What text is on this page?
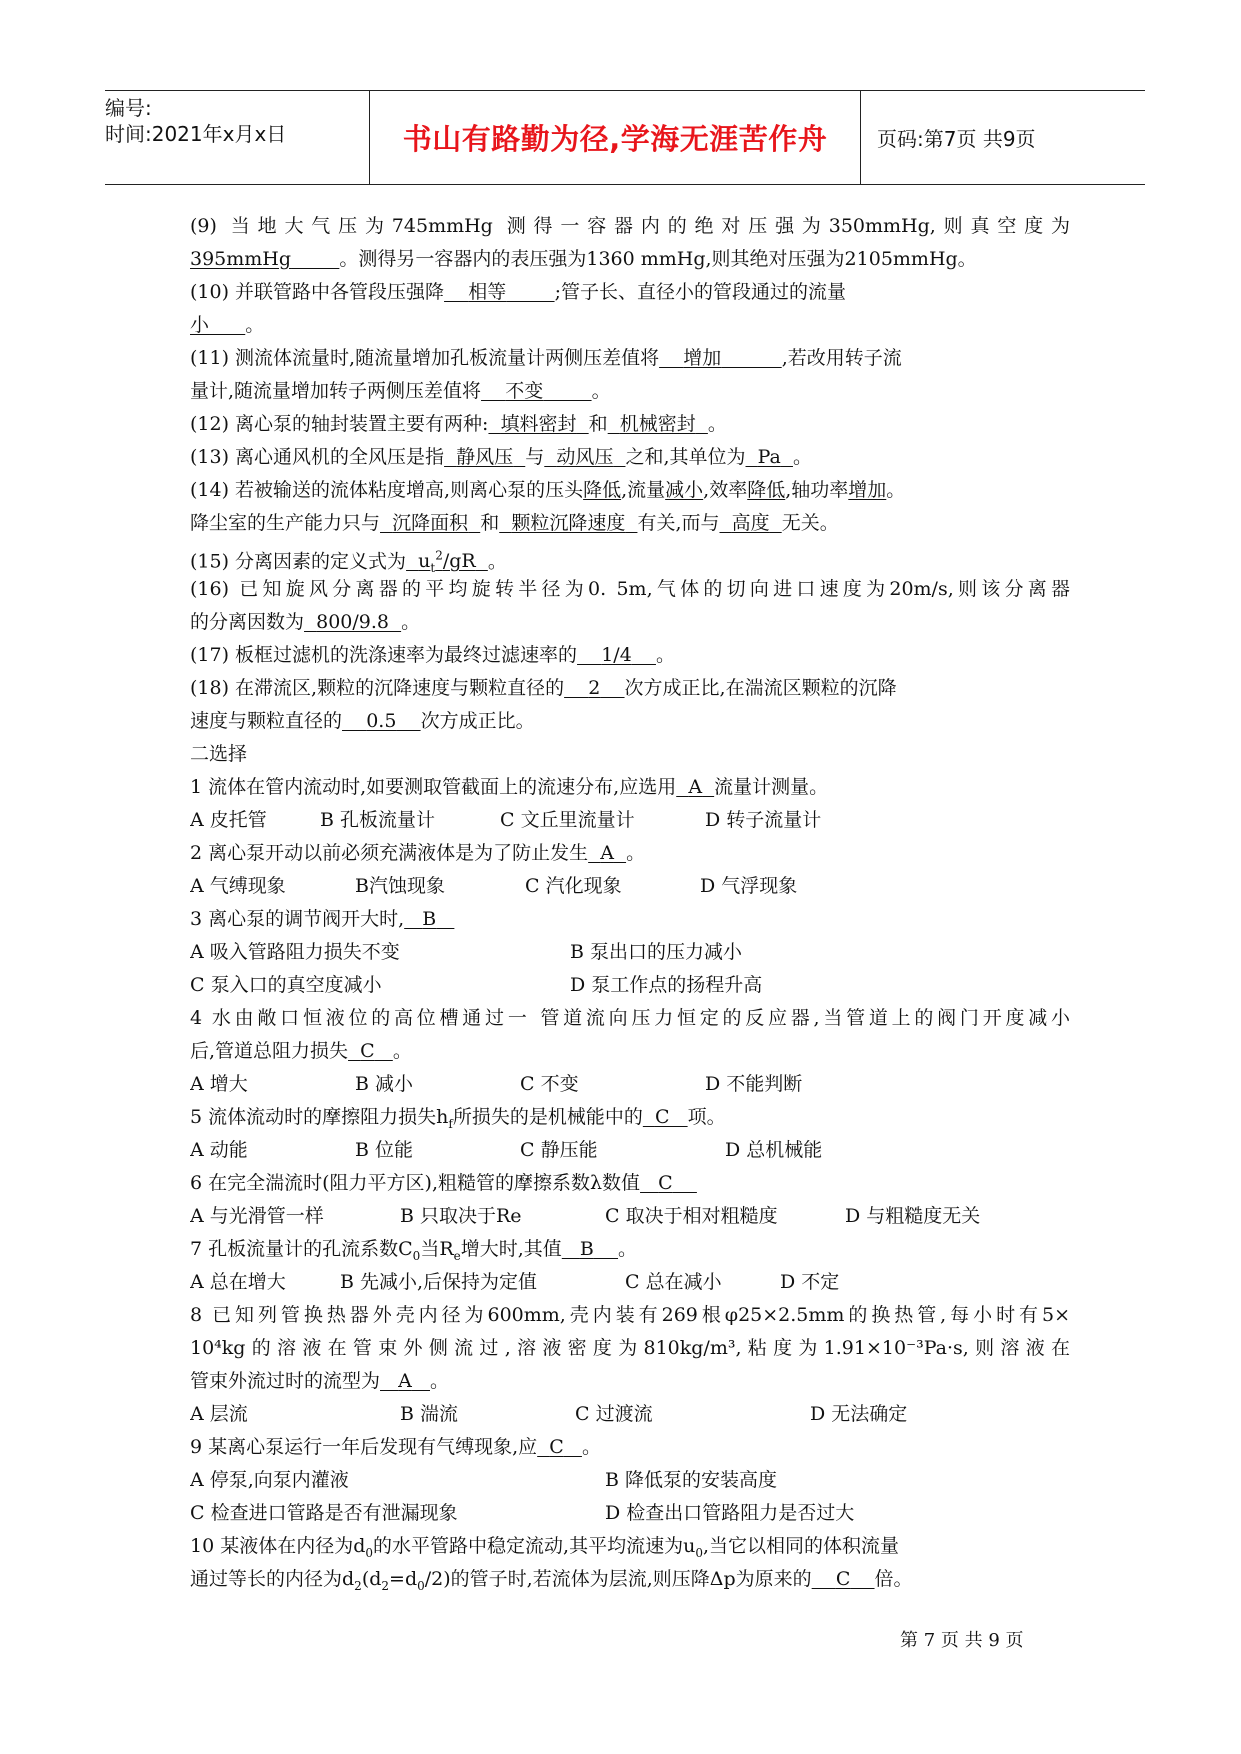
编号:
时间:2021年x月x日	书山有路勤为径,学海无涯苦作舟	页码:第7页 共9页
(9) 当地大气压为745mmHg 测得一容器内的绝对压强为350mmHg,则真空度为
395mmHg	。测得另一容器内的表压强为1360 mmHg,则其绝对压强为2105mmHg。
(10) 并联管路中各管段压强降 相等	;管子长、直径小的管段通过的流量
小 。
(11) 测流体流量时,随流量增加孔板流量计两侧压差值将 增加	,若改用转子流
量计,随流量增加转子两侧压差值将 不变	。
(12) 离心泵的轴封装置主要有两种: 填料密封 和 机械密封 。
(13) 离心通风机的全风压是指 静风压 与 动风压 之和,其单位为 Pa 。
(14) 若被输送的流体粘度增高,则离心泵的压头降低,流量减小,效率降低,轴功率增加。
降尘室的生产能力只与 沉降面积 和 颗粒沉降速度 有关,而与 高度 无关。
(15) 分离因素的定义式为 $u_t^2/gR$ 。
(16) 已知旋风分离器的平均旋转半径为0. 5m,气体的切向进口速度为20m/s,则该分离器
的分离因数为 800/9.8 。
(17) 板框过滤机的洗涤速率为最终过滤速率的 1/4 。
(18) 在滞流区,颗粒的沉降速度与颗粒直径的 2 次方成正比,在湍流区颗粒的沉降
速度与颗粒直径的 0.5 次方成正比。
二选择
1 流体在管内流动时,如要测取管截面上的流速分布,应选用 A 流量计测量。
A 皮托管	B 孔板流量计	C 文丘里流量计	D 转子流量计
2 离心泵开动以前必须充满液体是为了防止发生 A 。
A 气缚现象	B汽蚀现象	C 汽化现象	D 气浮现象
3 离心泵的调节阀开大时, B
A 吸入管路阻力损失不变	B 泵出口的压力减小
C 泵入口的真空度减小	D 泵工作点的扬程升高
4 水由敞口恒液位的高位槽通过一 管道流向压力恒定的反应器,当管道上的阀门开度减小
后,管道总阻力损失 C 。
A 增大	B 减小	C 不变	D 不能判断
5 流体流动时的摩擦阻力损失$h_f$所损失的是机械能中的 C 项。
A 动能	B 位能	C 静压能	D 总机械能
6 在完全湍流时(阻力平方区),粗糙管的摩擦系数λ数值 C
A 与光滑管一样	B 只取决于Re	C 取决于相对粗糙度	D 与粗糙度无关
7 孔板流量计的孔流系数$C_0$当$R_e$增大时,其值 B 。
A 总在增大	B 先减小,后保持为定值	C 总在减小	D 不定
8 已知列管换热器外壳内径为600mm,壳内装有269根φ25×2.5mm的换热管,每小时有5×
10⁴kg的溶液在管束外侧流过,溶液密度为810kg/m³,粘度为1.91×10⁻³Pa·s,则溶液在
管束外流过时的流型为 A 。
A 层流	B 湍流	C 过渡流	D 无法确定
9 某离心泵运行一年后发现有气缚现象,应 C 。
A 停泵,向泵内灌液	B 降低泵的安装高度
C 检查进口管路是否有泄漏现象	D 检查出口管路阻力是否过大
10 某液体在内径为$d_0$的水平管路中稳定流动,其平均流速为$u_0$,当它以相同的体积流量
通过等长的内径为$d_2(d_2=d_0/2)$的管子时,若流体为层流,则压降Δp为原来的 C 倍。
第 7 页 共 9 页
